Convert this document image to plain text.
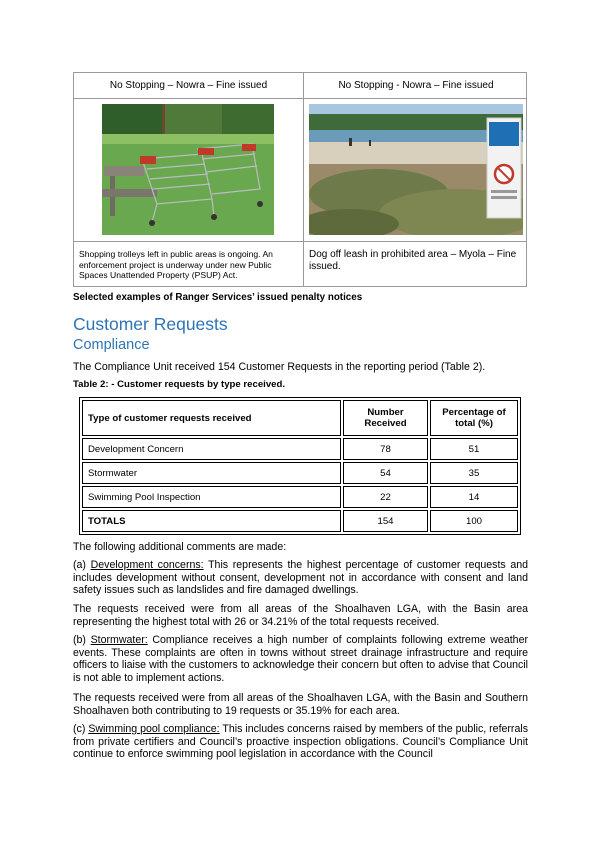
No Stopping – Nowra – Fine issued	No Stopping - Nowra – Fine issued
Shopping trolleys left in public areas is ongoing. An enforcement project is underway under new Public Spaces Unattended Property (PSUP) Act.
Dog off leash in prohibited area – Myola – Fine issued.
Selected examples of Ranger Services’ issued penalty notices
Customer Requests
Compliance
The Compliance Unit received 154 Customer Requests in the reporting period (Table 2).
Table 2: - Customer requests by type received.
Type of customer requests received	Number Received	Percentage of total (%)
Development Concern	78	51
Stormwater	54	35
Swimming Pool Inspection	22	14
TOTALS	154	100
The following additional comments are made:
(a) Development concerns: This represents the highest percentage of customer requests and includes development without consent, development not in accordance with consent and land safety issues such as landslides and fire damaged dwellings.
The requests received were from all areas of the Shoalhaven LGA, with the Basin area representing the highest total with 26 or 34.21% of the total requests received.
(b) Stormwater: Compliance receives a high number of complaints following extreme weather events. These complaints are often in towns without street drainage infrastructure and require officers to liaise with the customers to acknowledge their concern but often to advise that Council is not able to implement actions.
The requests received were from all areas of the Shoalhaven LGA, with the Basin and Southern Shoalhaven both contributing to 19 requests or 35.19% for each area.
(c) Swimming pool compliance: This includes concerns raised by members of the public, referrals from private certifiers and Council’s proactive inspection obligations. Council’s Compliance Unit continue to enforce swimming pool legislation in accordance with the Council
